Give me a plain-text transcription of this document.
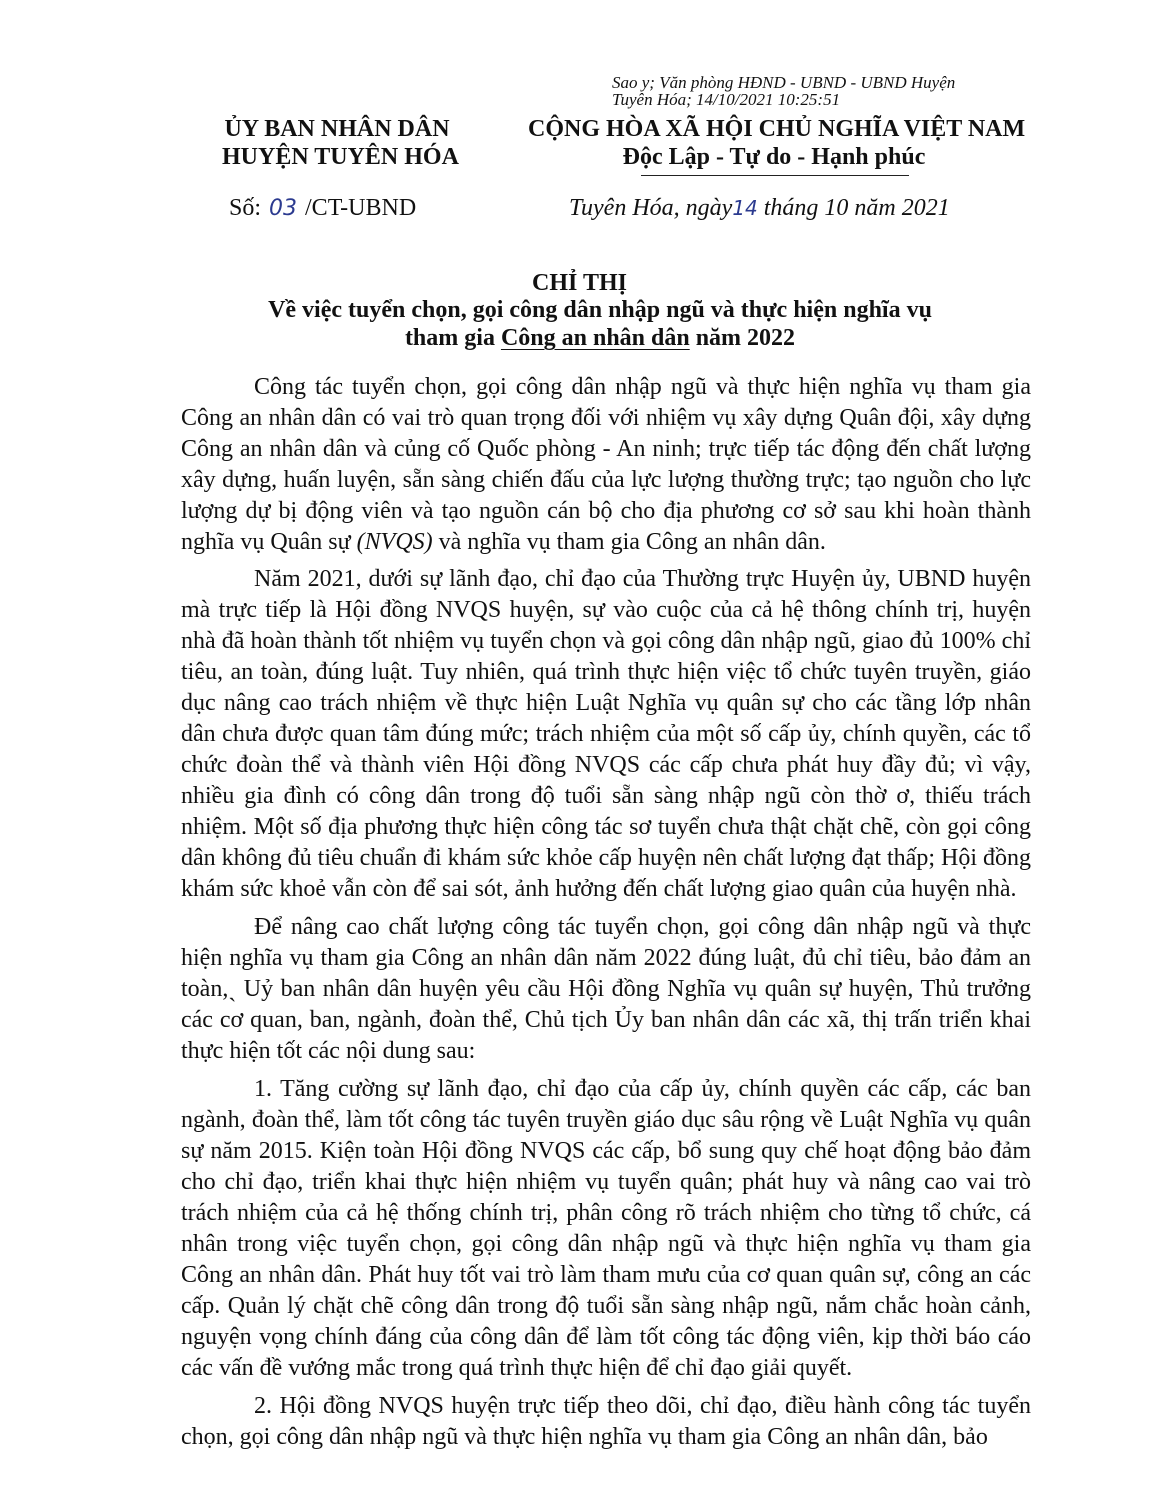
Sao y; Văn phòng HĐND - UBND - UBND Huyện
Tuyên Hóa; 14/10/2021 10:25:51
ỦY BAN NHÂN DÂN
HUYỆN TUYÊN HÓA
CỘNG HÒA XÃ HỘI CHỦ NGHĨA VIỆT NAM
Độc Lập - Tự do - Hạnh phúc
Số: 03 /CT-UBND	Tuyên Hóa, ngày14 tháng 10 năm 2021
CHỈ THỊ
Về việc tuyển chọn, gọi công dân nhập ngũ và thực hiện nghĩa vụ
tham gia Công an nhân dân năm 2022

Công tác tuyển chọn, gọi công dân nhập ngũ và thực hiện nghĩa vụ tham gia Công an nhân dân có vai trò quan trọng đối với nhiệm vụ xây dựng Quân đội, xây dựng Công an nhân dân và củng cố Quốc phòng - An ninh; trực tiếp tác động đến chất lượng xây dựng, huấn luyện, sẵn sàng chiến đấu của lực lượng thường trực; tạo nguồn cho lực lượng dự bị động viên và tạo nguồn cán bộ cho địa phương cơ sở sau khi hoàn thành nghĩa vụ Quân sự (NVQS) và nghĩa vụ tham gia Công an nhân dân.

Năm 2021, dưới sự lãnh đạo, chỉ đạo của Thường trực Huyện ủy, UBND huyện mà trực tiếp là Hội đồng NVQS huyện, sự vào cuộc của cả hệ thông chính trị, huyện nhà đã hoàn thành tốt nhiệm vụ tuyển chọn và gọi công dân nhập ngũ, giao đủ 100% chỉ tiêu, an toàn, đúng luật. Tuy nhiên, quá trình thực hiện việc tổ chức tuyên truyền, giáo dục nâng cao trách nhiệm về thực hiện Luật Nghĩa vụ quân sự cho các tầng lớp nhân dân chưa được quan tâm đúng mức; trách nhiệm của một số cấp ủy, chính quyền, các tổ chức đoàn thể và thành viên Hội đồng NVQS các cấp chưa phát huy đầy đủ; vì vậy, nhiều gia đình có công dân trong độ tuổi sẵn sàng nhập ngũ còn thờ ơ, thiếu trách nhiệm. Một số địa phương thực hiện công tác sơ tuyển chưa thật chặt chẽ, còn gọi công dân không đủ tiêu chuẩn đi khám sức khỏe cấp huyện nên chất lượng đạt thấp; Hội đồng khám sức khoẻ vẫn còn để sai sót, ảnh hưởng đến chất lượng giao quân của huyện nhà.

Để nâng cao chất lượng công tác tuyển chọn, gọi công dân nhập ngũ và thực hiện nghĩa vụ tham gia Công an nhân dân năm 2022 đúng luật, đủ chỉ tiêu, bảo đảm an toàn,ˎ Uỷ ban nhân dân huyện yêu cầu Hội đồng Nghĩa vụ quân sự huyện, Thủ trưởng các cơ quan, ban, ngành, đoàn thể, Chủ tịch Ủy ban nhân dân các xã, thị trấn triển khai thực hiện tốt các nội dung sau:

1. Tăng cường sự lãnh đạo, chỉ đạo của cấp ủy, chính quyền các cấp, các ban ngành, đoàn thể, làm tốt công tác tuyên truyền giáo dục sâu rộng về Luật Nghĩa vụ quân sự năm 2015. Kiện toàn Hội đồng NVQS các cấp, bổ sung quy chế hoạt động bảo đảm cho chỉ đạo, triển khai thực hiện nhiệm vụ tuyển quân; phát huy và nâng cao vai trò trách nhiệm của cả hệ thống chính trị, phân công rõ trách nhiệm cho từng tổ chức, cá nhân trong việc tuyển chọn, gọi công dân nhập ngũ và thực hiện nghĩa vụ tham gia Công an nhân dân. Phát huy tốt vai trò làm tham mưu của cơ quan quân sự, công an các cấp. Quản lý chặt chẽ công dân trong độ tuổi sẵn sàng nhập ngũ, nắm chắc hoàn cảnh, nguyện vọng chính đáng của công dân để làm tốt công tác động viên, kịp thời báo cáo các vấn đề vướng mắc trong quá trình thực hiện để chỉ đạo giải quyết.

2. Hội đồng NVQS huyện trực tiếp theo dõi, chỉ đạo, điều hành công tác tuyển chọn, gọi công dân nhập ngũ và thực hiện nghĩa vụ tham gia Công an nhân dân, bảo
